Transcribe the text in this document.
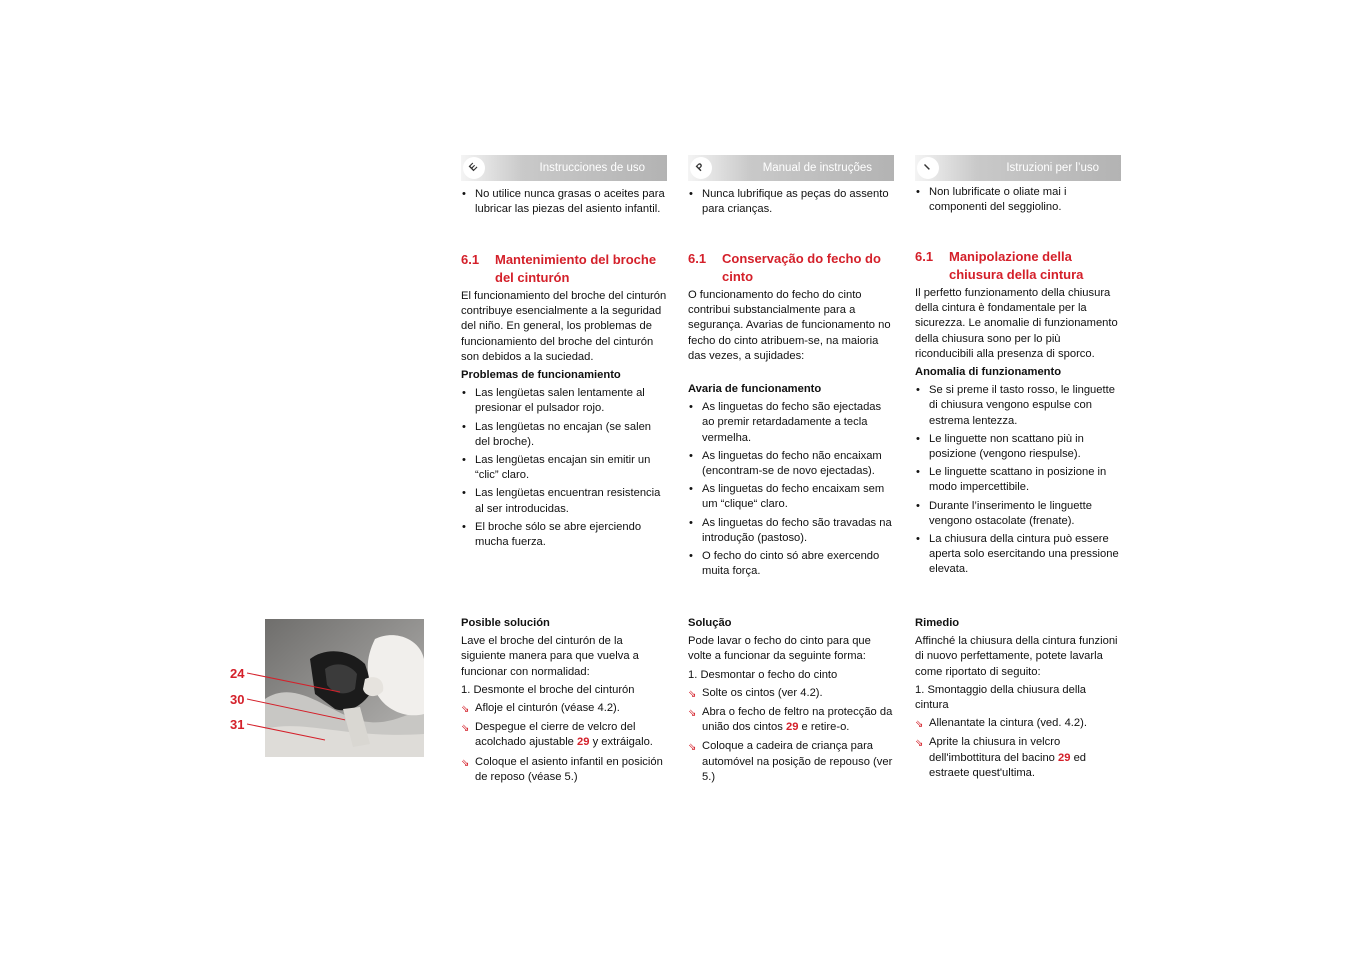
24
30
31
E	Instrucciones de uso
• No utilice nunca grasas o aceites para lubricar las piezas del asiento infantil.
6.1	Mantenimiento del broche del cinturón

El funcionamiento del broche del cinturón contribuye esencialmente a la seguridad del niño. En general, los problemas de funcionamiento del broche del cinturón son debidos a la suciedad.

Problemas de funcionamiento
• Las lengüetas salen lentamente al presionar el pulsador rojo.
• Las lengüetas no encajan (se salen del broche).
• Las lengüetas encajan sin emitir un “clic” claro.
• Las lengüetas encuentran resistencia al ser introducidas.
• El broche sólo se abre ejerciendo mucha fuerza.
Posible solución

Lave el broche del cinturón de la siguiente manera para que vuelva a funcionar con normalidad:

1. Desmonte el broche del cinturón

⇘ Afloje el cinturón (véase 4.2).
⇘ Despegue el cierre de velcro del acolchado ajustable 29 y extráigalo.
⇘ Coloque el asiento infantil en posición de reposo (véase 5.)
P	Manual de instruções
• Nunca lubrifique as peças do assento para crianças.
6.1	Conservação do fecho do cinto

O funcionamento do fecho do cinto contribui substancialmente para a segurança. Avarias de funcionamento no fecho do cinto atribuem-se, na maioria das vezes, a sujidades:

Avaria de funcionamento
• As linguetas do fecho são ejectadas ao premir retardadamente a tecla vermelha.
• As linguetas do fecho não encaixam (encontram-se de novo ejectadas).
• As linguetas do fecho encaixam sem um “clique“ claro.
• As linguetas do fecho são travadas na introdução (pastoso).
• O fecho do cinto só abre exercendo muita força.
Solução

Pode lavar o fecho do cinto para que volte a funcionar da seguinte forma:

1. Desmontar o fecho do cinto

⇘ Solte os cintos (ver 4.2).
⇘ Abra o fecho de feltro na protecção da união dos cintos 29 e retire-o.
⇘ Coloque a cadeira de criança para automóvel na posição de repouso (ver 5.)
I	Istruzioni per l’uso
• Non lubrificate o oliate mai i componenti del seggiolino.
6.1	Manipolazione della chiusura della cintura

Il perfetto funzionamento della chiusura della cintura è fondamentale per la sicurezza. Le anomalie di funzionamento della chiusura sono per lo più riconducibili alla presenza di sporco.

Anomalia di funzionamento
• Se si preme il tasto rosso, le linguette di chiusura vengono espulse con estrema lentezza.
• Le linguette non scattano più in posizione (vengono riespulse).
• Le linguette scattano in posizione in modo impercettibile.
• Durante l’inserimento le linguette vengono ostacolate (frenate).
• La chiusura della cintura può essere aperta solo esercitando una pressione elevata.
Rimedio

Affinché la chiusura della cintura funzioni di nuovo perfettamente, potete lavarla come riportato di seguito:

1. Smontaggio della chiusura della cintura

⇘ Allenantate la cintura (ved. 4.2).
⇘ Aprite la chiusura in velcro dell'imbottitura del bacino 29 ed estraete quest'ultima.
